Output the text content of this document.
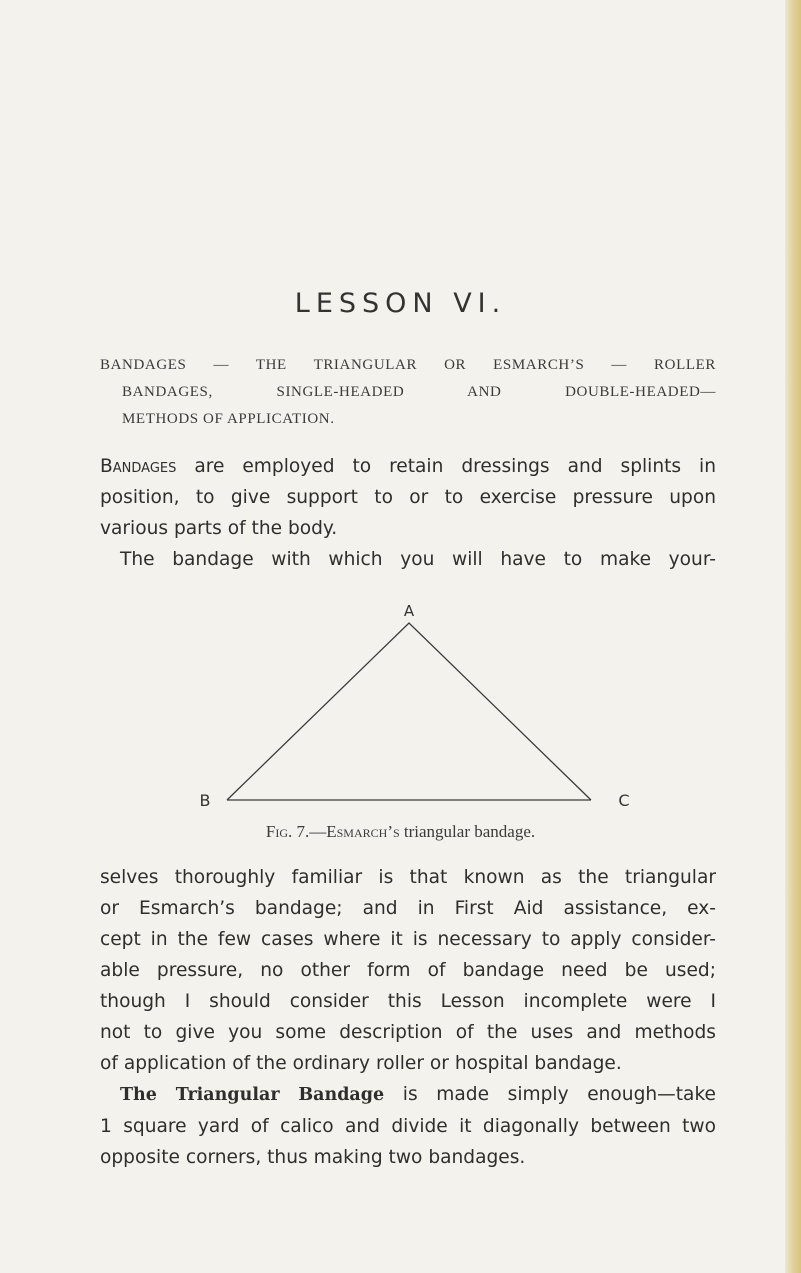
LESSON VI.

BANDAGES — THE TRIANGULAR OR ESMARCH’S — ROLLER

BANDAGES, SINGLE-HEADED AND DOUBLE-HEADED—

METHODS OF APPLICATION.

Bandages are employed to retain dressings and splints in

position, to give support to or to exercise pressure upon

various parts of the body.

The bandage with which you will have to make your-

A
B	C

Fig. 7.—Esmarch’s triangular bandage.

selves thoroughly familiar is that known as the triangular

or Esmarch’s bandage; and in First Aid assistance, ex-

cept in the few cases where it is necessary to apply consider-

able pressure, no other form of bandage need be used;

though I should consider this Lesson incomplete were I

not to give you some description of the uses and methods

of application of the ordinary roller or hospital bandage.

The Triangular Bandage is made simply enough—take

1 square yard of calico and divide it diagonally between two

opposite corners, thus making two bandages.
